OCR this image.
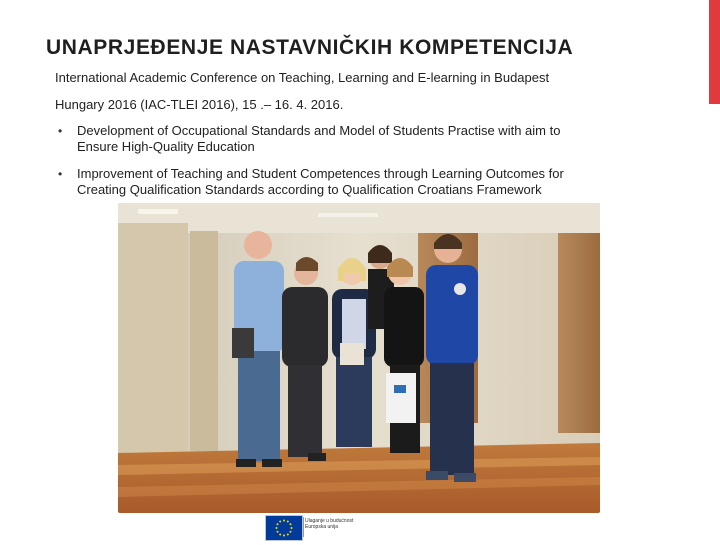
UNAPRJEĐENJE NASTAVNIČKIH KOMPETENCIJA
International Academic Conference on Teaching, Learning and E-learning in Budapest
Hungary 2016 (IAC-TLEI 2016), 15 .– 16. 4. 2016.
• Development of Occupational Standards and Model of Students Practise with aim to
Ensure High-Quality Education
• Improvement of Teaching and Student Competences through Learning Outcomes for
Creating Qualification Standards according to Qualification Croatians Framework
Ulaganje u budućnost
Europska unija
